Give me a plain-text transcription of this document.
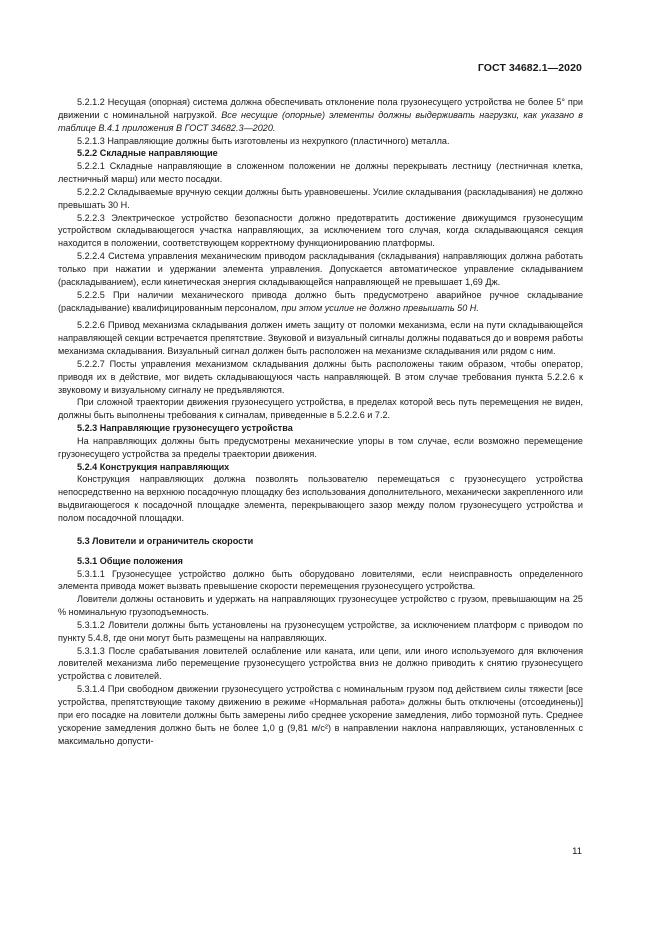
ГОСТ 34682.1—2020

5.2.1.2 Несущая (опорная) система должна обеспечивать отклонение пола грузонесущего устройства не более 5° при движении с номинальной нагрузкой. Все несущие (опорные) элементы должны выдерживать нагрузки, как указано в таблице В.4.1 приложения В ГОСТ 34682.3—2020.

5.2.1.3 Направляющие должны быть изготовлены из нехрупкого (пластичного) металла.

5.2.2 Складные направляющие

5.2.2.1 Складные направляющие в сложенном положении не должны перекрывать лестницу (лестничная клетка, лестничный марш) или место посадки.

5.2.2.2 Складываемые вручную секции должны быть уравновешены. Усилие складывания (раскладывания) не должно превышать 30 Н.

5.2.2.3 Электрическое устройство безопасности должно предотвратить достижение движущимся грузонесущим устройством складывающегося участка направляющих, за исключением того случая, когда складывающаяся секция находится в положении, соответствующем корректному функционированию платформы.

5.2.2.4 Система управления механическим приводом раскладывания (складывания) направляющих должна работать только при нажатии и удержании элемента управления. Допускается автоматическое управление складыванием (раскладыванием), если кинетическая энергия складывающейся направляющей не превышает 1,69 Дж.

5.2.2.5 При наличии механического привода должно быть предусмотрено аварийное ручное складывание (раскладывание) квалифицированным персоналом, при этом усилие не должно превышать 50 Н.

5.2.2.6 Привод механизма складывания должен иметь защиту от поломки механизма, если на пути складывающейся направляющей секции встречается препятствие. Звуковой и визуальный сигналы должны подаваться до и вовремя работы механизма складывания. Визуальный сигнал должен быть расположен на механизме складывания или рядом с ним.

5.2.2.7 Посты управления механизмом складывания должны быть расположены таким образом, чтобы оператор, приводя их в действие, мог видеть складывающуюся часть направляющей. В этом случае требования пункта 5.2.2.6 к звуковому и визуальному сигналу не предъявляются.

При сложной траектории движения грузонесущего устройства, в пределах которой весь путь перемещения не виден, должны быть выполнены требования к сигналам, приведенные в 5.2.2.6 и 7.2.

5.2.3 Направляющие грузонесущего устройства

На направляющих должны быть предусмотрены механические упоры в том случае, если возможно перемещение грузонесущего устройства за пределы траектории движения.

5.2.4 Конструкция направляющих

Конструкция направляющих должна позволять пользователю перемещаться с грузонесущего устройства непосредственно на верхнюю посадочную площадку без использования дополнительного, механически закрепленного или выдвигающегося к посадочной площадке элемента, перекрывающего зазор между полом грузонесущего устройства и полом посадочной площадки.

5.3 Ловители и ограничитель скорости

5.3.1 Общие положения

5.3.1.1 Грузонесущее устройство должно быть оборудовано ловителями, если неисправность определенного элемента привода может вызвать превышение скорости перемещения грузонесущего устройства.

Ловители должны остановить и удержать на направляющих грузонесущее устройство с грузом, превышающим на 25 % номинальную грузоподъемность.

5.3.1.2 Ловители должны быть установлены на грузонесущем устройстве, за исключением платформ с приводом по пункту 5.4.8, где они могут быть размещены на направляющих.

5.3.1.3 После срабатывания ловителей ослабление или каната, или цепи, или иного используемого для включения ловителей механизма либо перемещение грузонесущего устройства вниз не должно приводить к снятию грузонесущего устройства с ловителей.

5.3.1.4 При свободном движении грузонесущего устройства с номинальным грузом под действием силы тяжести [все устройства, препятствующие такому движению в режиме «Нормальная работа» должны быть отключены (отсоединены)] при его посадке на ловители должны быть замерены либо среднее ускорение замедления, либо тормозной путь. Среднее ускорение замедления должно быть не более 1,0 g (9,81 м/с²) в направлении наклона направляющих, установленных с максимально допусти-

11
